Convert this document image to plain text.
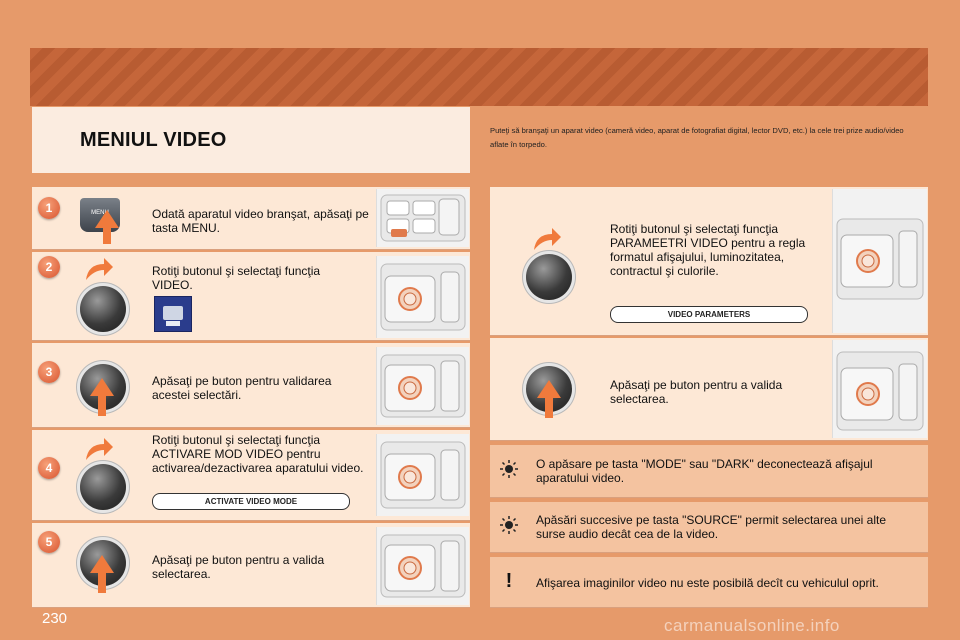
MENIUL VIDEO	Puteţi să branşaţi un aparat video (cameră video, aparat de fotografiat digital, lector DVD, etc.) la cele trei prize audio/video aflate în torpedo.
1	MENU	Odată aparatul video branşat, apăsaţi pe tasta MENU.
2	Rotiţi butonul şi selectaţi funcţia VIDEO.
3
Apăsaţi pe buton pentru validarea acestei selectări.
4
Rotiţi butonul şi selectaţi funcţia ACTIVARE MOD VIDEO pentru activarea/dezactivarea aparatului video.
ACTIVATE VIDEO MODE
5
Apăsaţi pe buton pentru a valida selectarea.
Rotiţi butonul şi selectaţi funcţia PARAMEETRI VIDEO pentru a regla formatul afişajului, luminozitatea, contractul şi culorile.
VIDEO PARAMETERS
Apăsaţi pe buton pentru a valida selectarea.
O apăsare pe tasta "MODE" sau "DARK" deconectează afişajul aparatului video.
Apăsări succesive pe tasta "SOURCE" permit selectarea unei alte surse audio decât cea de la video.
!	Afişarea imaginilor video nu este posibilă decît cu vehiculul oprit.
230	carmanualsonline.info
